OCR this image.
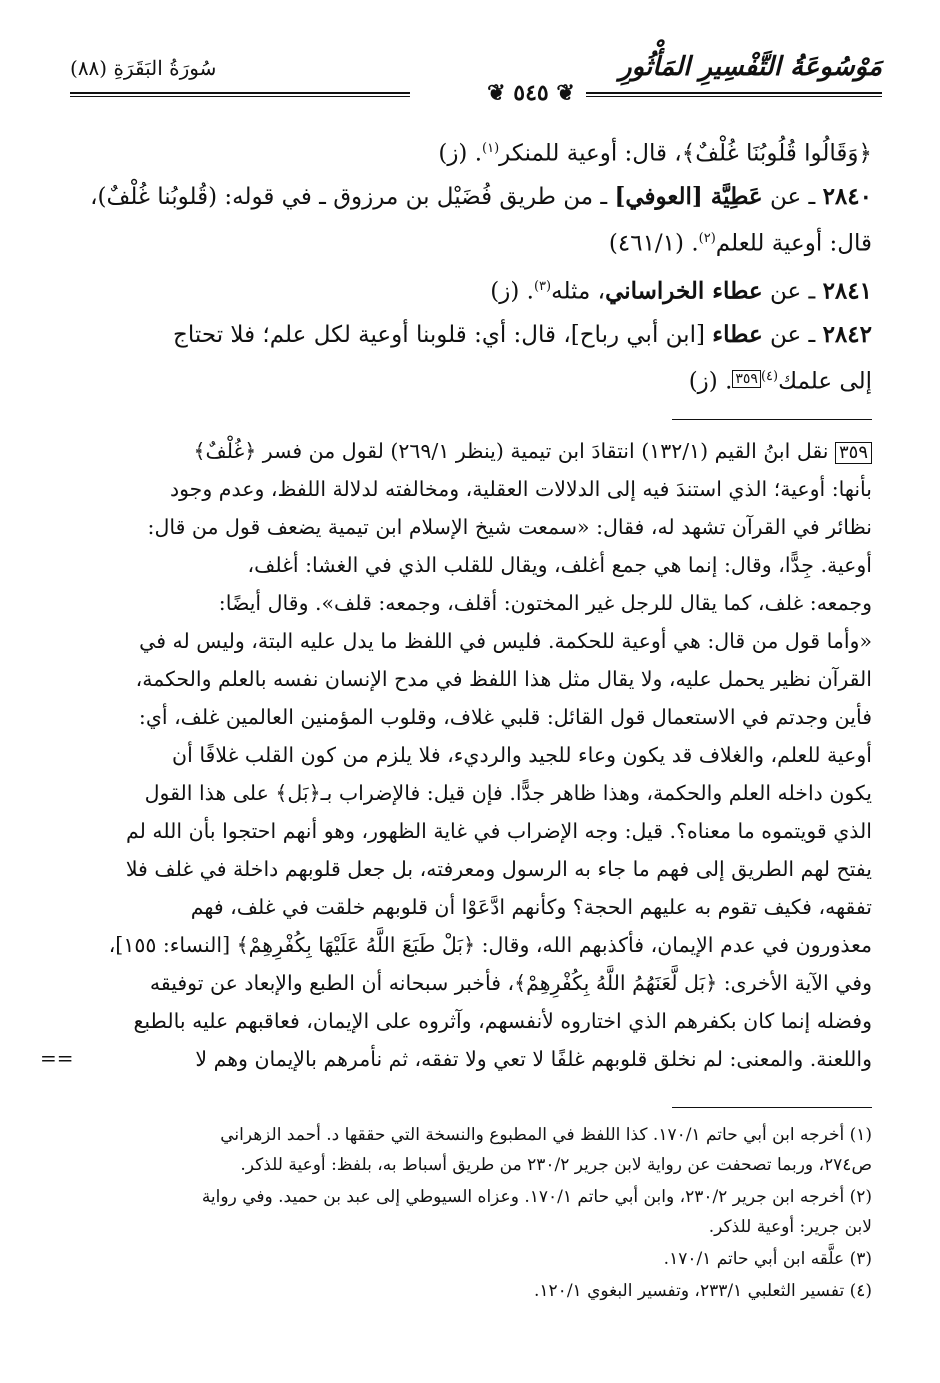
مَوْسُوعَةُ التَّفْسِيرِ المَأْثُورِ
سُورَةُ البَقَرَةِ (٨٨)
❦ ٥٤٥ ❦
﴿وَقَالُوا قُلُوبُنَا غُلْفٌ﴾، قال: أوعية للمنكر$^{(١)}$. (ز)
٢٨٤٠ ـ عن عَطِيَّة [العوفي] ـ من طريق فُضَيْل بن مرزوق ـ في قوله: (قُلوبُنا غُلْفٌ)،
قال: أوعية للعلم$^{(٢)}$. (٤٦١/١)
٢٨٤١ ـ عن عطاء الخراساني، مثله$^{(٣)}$. (ز)
٢٨٤٢ ـ عن عطاء [ابن أبي رباح]، قال: أي: قلوبنا أوعية لكل علم؛ فلا تحتاج
إلى علمك$^{(٤)}$٣٥٩. (ز)
٣٥٩ نقل ابنُ القيم (١٣٢/١) انتقادَ ابن تيمية (ينظر ٢٦٩/١) لقول من فسر ﴿غُلْفٌ﴾
بأنها: أوعية؛ الذي استندَ فيه إلى الدلالات العقلية، ومخالفته لدلالة اللفظ، وعدم وجود
نظائر في القرآن تشهد له، فقال: «سمعت شيخ الإسلام ابن تيمية يضعف قول من قال:
أوعية. جِدًّا، وقال: إنما هي جمع أغلف، ويقال للقلب الذي في الغشا: أغلف،
وجمعه: غلف، كما يقال للرجل غير المختون: أقلف، وجمعه: قلف». وقال أيضًا:
«وأما قول من قال: هي أوعية للحكمة. فليس في اللفظ ما يدل عليه البتة، وليس له في
القرآن نظير يحمل عليه، ولا يقال مثل هذا اللفظ في مدح الإنسان نفسه بالعلم والحكمة،
فأين وجدتم في الاستعمال قول القائل: قلبي غلاف، وقلوب المؤمنين العالمين غلف، أي:
أوعية للعلم، والغلاف قد يكون وعاء للجيد والرديء، فلا يلزم من كون القلب غلافًا أن
يكون داخله العلم والحكمة، وهذا ظاهر جدًّا. فإن قيل: فالإضراب بـ﴿بَل﴾ على هذا القول
الذي قويتموه ما معناه؟. قيل: وجه الإضراب في غاية الظهور، وهو أنهم احتجوا بأن الله لم
يفتح لهم الطريق إلى فهم ما جاء به الرسول ومعرفته، بل جعل قلوبهم داخلة في غلف فلا
تفقهه، فكيف تقوم به عليهم الحجة؟ وكأنهم ادَّعَوْا أن قلوبهم خلقت في غلف، فهم
معذورون في عدم الإيمان، فأكذبهم الله، وقال: ﴿بَلْ طَبَعَ اللَّهُ عَلَيْهَا بِكُفْرِهِمْ﴾ [النساء: ١٥٥]،
وفي الآية الأخرى: ﴿بَل لَّعَنَهُمُ اللَّهُ بِكُفْرِهِمْ﴾، فأخبر سبحانه أن الطبع والإبعاد عن توفيقه
وفضله إنما كان بكفرهم الذي اختاروه لأنفسهم، وآثروه على الإيمان، فعاقبهم عليه بالطبع
واللعنة. والمعنى: لم نخلق قلوبهم غلفًا لا تعي ولا تفقه، ثم نأمرهم بالإيمان وهم لا
==
(١) أخرجه ابن أبي حاتم ١٧٠/١. كذا اللفظ في المطبوع والنسخة التي حققها د. أحمد الزهراني
ص٢٧٤، وربما تصحفت عن رواية لابن جرير ٢٣٠/٢ من طريق أسباط به، بلفظ: أوعية للذكر.
(٢) أخرجه ابن جرير ٢٣٠/٢، وابن أبي حاتم ١٧٠/١. وعزاه السيوطي إلى عبد بن حميد. وفي رواية
لابن جرير: أوعية للذكر.
(٣) علَّقه ابن أبي حاتم ١٧٠/١.
(٤) تفسير الثعلبي ٢٣٣/١، وتفسير البغوي ١٢٠/١.
